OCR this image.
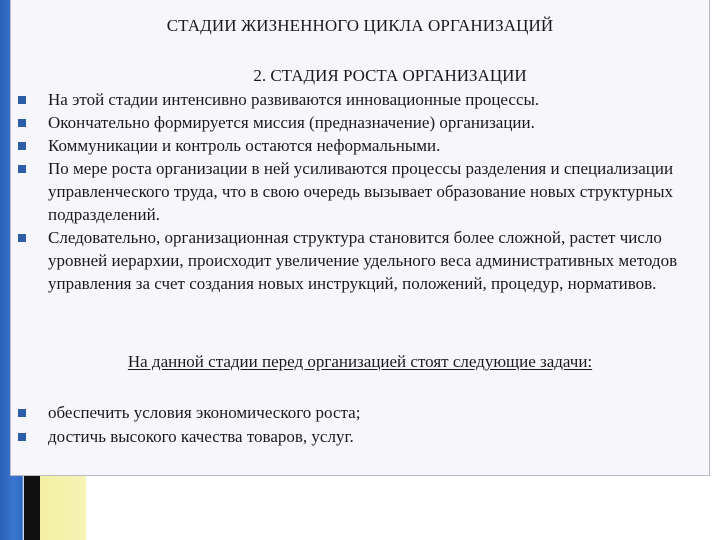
СТАДИИ ЖИЗНЕННОГО ЦИКЛА ОРГАНИЗАЦИЙ
2. СТАДИЯ РОСТА ОРГАНИЗАЦИИ
На этой стадии интенсивно развиваются инновационные процессы.
Окончательно формируется миссия (предназначение) организации.
Коммуникации и контроль остаются неформальными.
По мере роста организации в ней усиливаются процессы разделения и специализации управленческого труда, что в свою очередь вызывает образование новых структурных подразделений.
Следовательно, организационная структура становится более сложной, растет число уровней иерархии, происходит увеличение удельного веса административных методов управления за счет создания новых инструкций, положений, процедур, нормативов.
На данной стадии перед организацией стоят следующие задачи:
обеспечить условия экономического роста;
достичь высокого качества товаров, услуг.
